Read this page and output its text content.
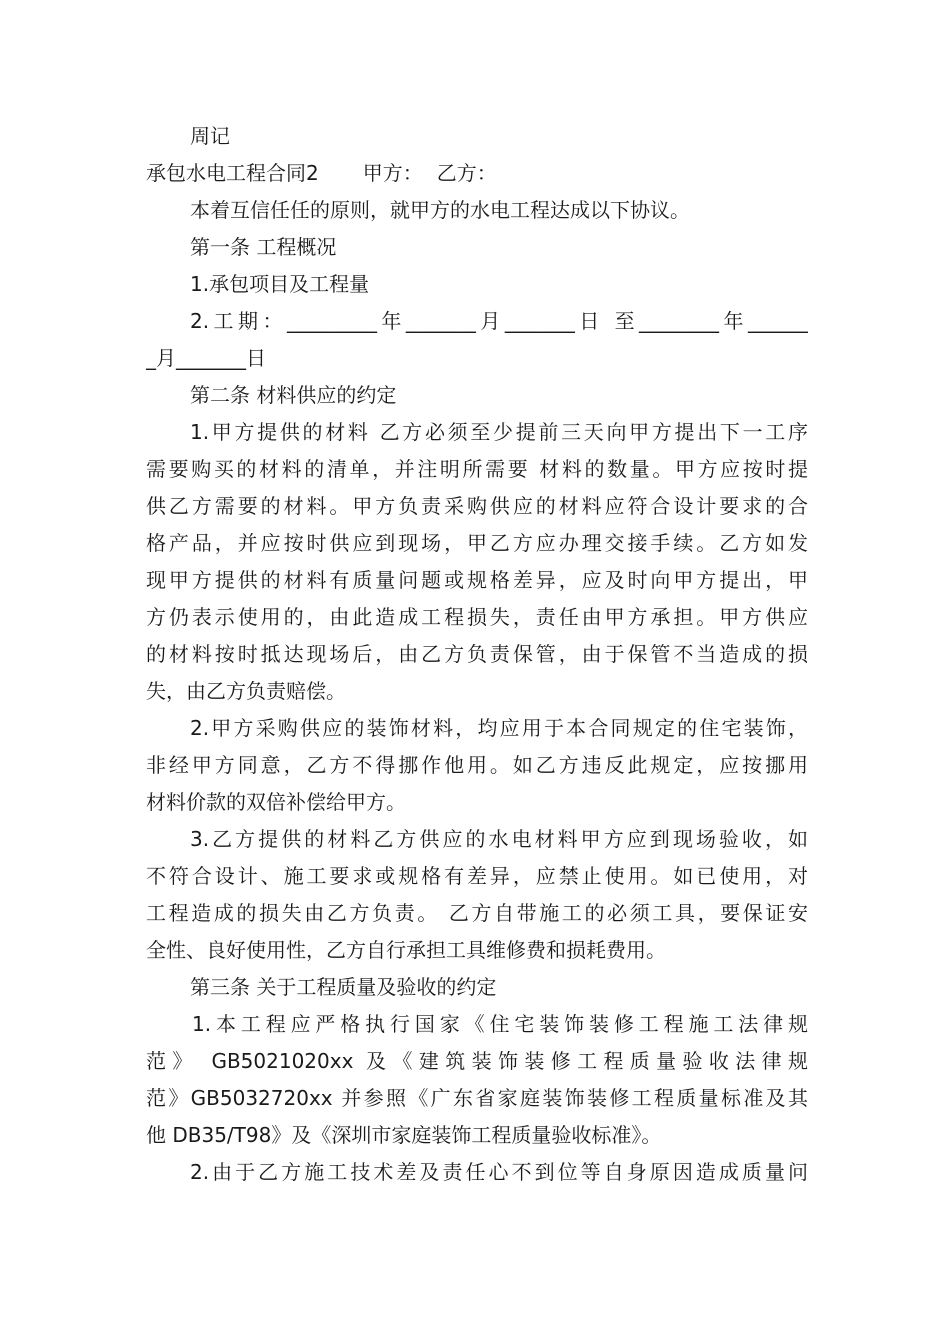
周记
承包水电工程合同2 甲方： 乙方：
本着互信任任的原则，就甲方的水电工程达成以下协议。
第一条 工程概况
1.承包项目及工程量
2.工期：_________年_______月_______日 至________年______
_月_______日
第二条 材料供应的约定
1.甲方提供的材料 乙方必须至少提前三天向甲方提出下一工序
需要购买的材料的清单，并注明所需要 材料的数量。甲方应按时提
供乙方需要的材料。甲方负责采购供应的材料应符合设计要求的合
格产品，并应按时供应到现场，甲乙方应办理交接手续。乙方如发
现甲方提供的材料有质量问题或规格差异，应及时向甲方提出，甲
方仍表示使用的，由此造成工程损失，责任由甲方承担。甲方供应
的材料按时抵达现场后，由乙方负责保管，由于保管不当造成的损
失，由乙方负责赔偿。
2.甲方采购供应的装饰材料，均应用于本合同规定的住宅装饰，
非经甲方同意，乙方不得挪作他用。如乙方违反此规定，应按挪用
材料价款的双倍补偿给甲方。
3.乙方提供的材料乙方供应的水电材料甲方应到现场验收，如
不符合设计、施工要求或规格有差异，应禁止使用。如已使用，对
工程造成的损失由乙方负责。 乙方自带施工的必须工具，要保证安
全性、良好使用性，乙方自行承担工具维修费和损耗费用。
第三条 关于工程质量及验收的约定
1.本工程应严格执行国家《住宅装饰装修工程施工法律规
范》 GB5021020xx 及《建筑装饰装修工程质量验收法律规
范》GB5032720xx 并参照《广东省家庭装饰装修工程质量标准及其
他 DB35/T98》及《深圳市家庭装饰工程质量验收标准》。
2.由于乙方施工技术差及责任心不到位等自身原因造成质量问
